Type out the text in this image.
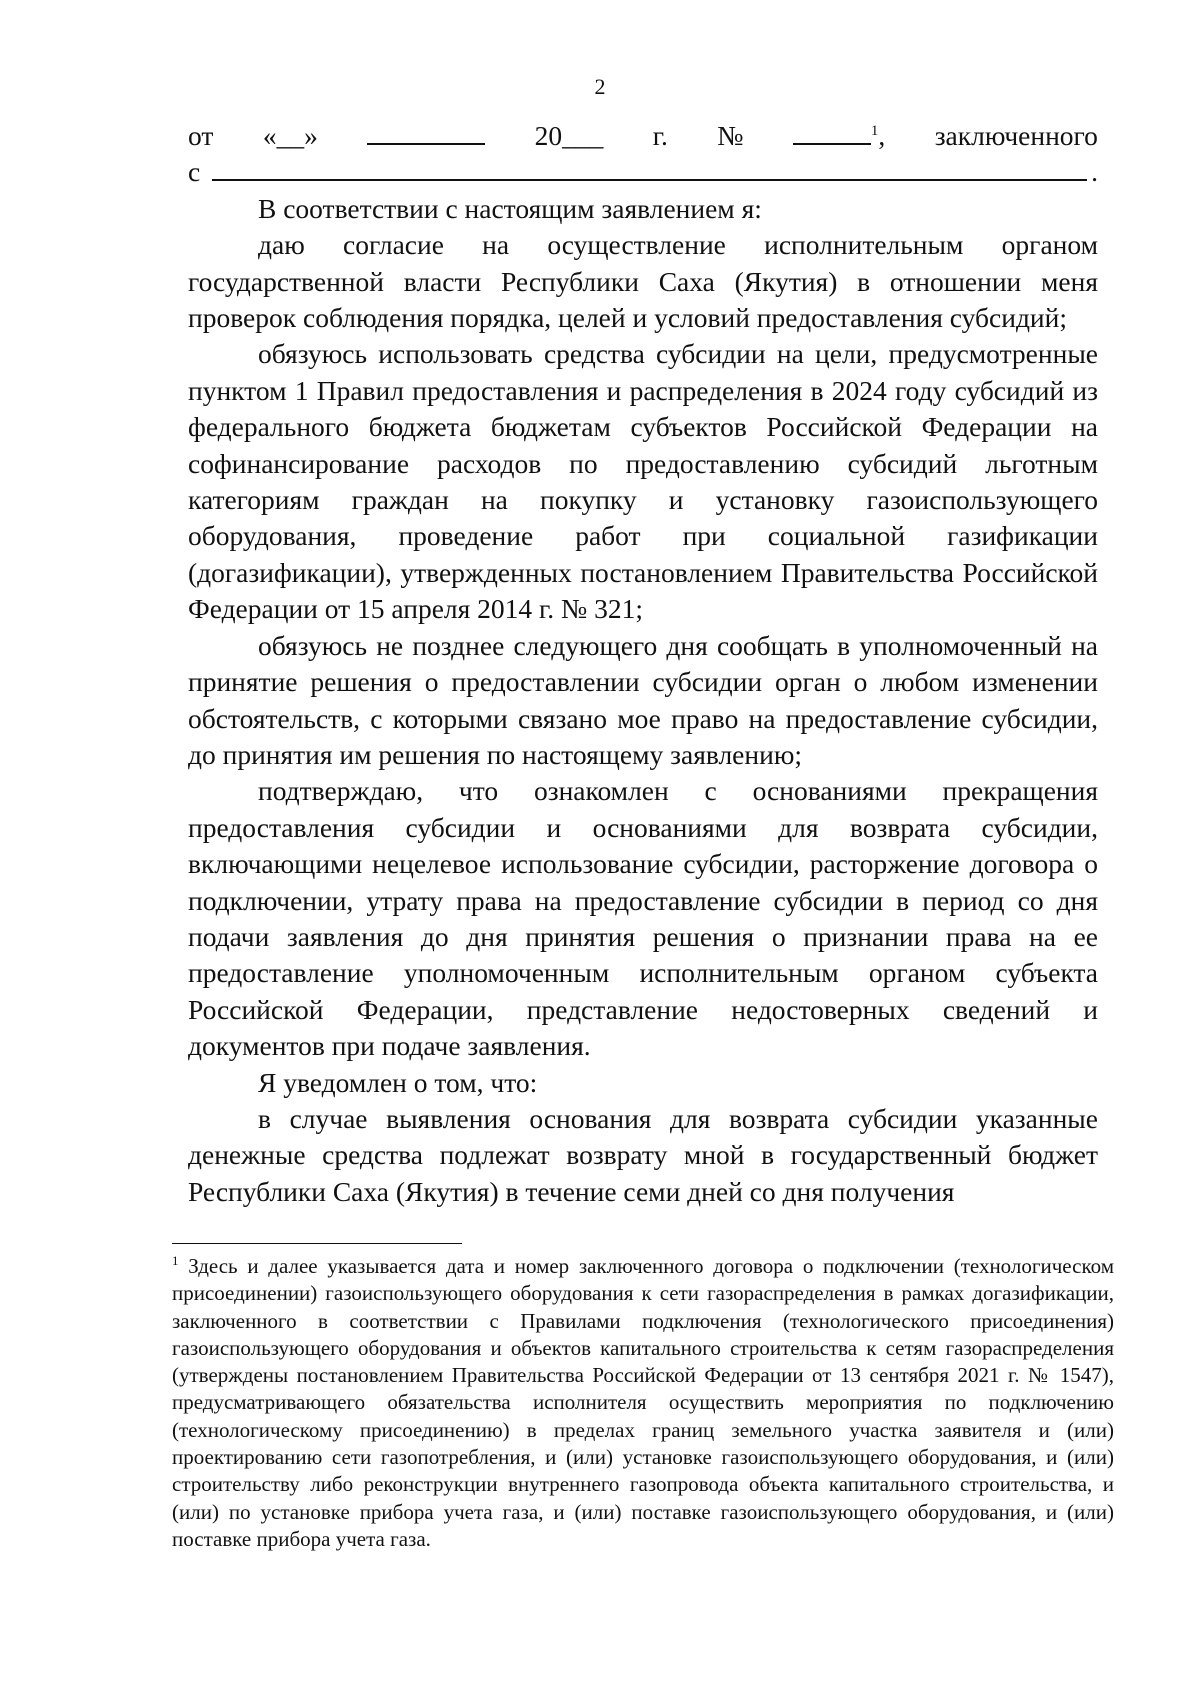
2
от «__»	20___ г. №	$^1$, заключенного
с	.

В соответствии с настоящим заявлением я:

даю согласие на осуществление исполнительным органом государственной власти Республики Саха (Якутия) в отношении меня проверок соблюдения порядка, целей и условий предоставления субсидий;

обязуюсь использовать средства субсидии на цели, предусмотренные пунктом 1 Правил предоставления и распределения в 2024 году субсидий из федерального бюджета бюджетам субъектов Российской Федерации на софинансирование расходов по предоставлению субсидий льготным категориям граждан на покупку и установку газоиспользующего оборудования, проведение работ при социальной газификации (догазификации), утвержденных постановлением Правительства Российской Федерации от 15 апреля 2014 г. № 321;

обязуюсь не позднее следующего дня сообщать в уполномоченный на принятие решения о предоставлении субсидии орган о любом изменении обстоятельств, с которыми связано мое право на предоставление субсидии, до принятия им решения по настоящему заявлению;

подтверждаю, что ознакомлен с основаниями прекращения предоставления субсидии и основаниями для возврата субсидии, включающими нецелевое использование субсидии, расторжение договора о подключении, утрату права на предоставление субсидии в период со дня подачи заявления до дня принятия решения о признании права на ее предоставление уполномоченным исполнительным органом субъекта Российской Федерации, представление недостоверных сведений и документов при подаче заявления.

Я уведомлен о том, что:

в случае выявления основания для возврата субсидии указанные денежные средства подлежат возврату мной в государственный бюджет Республики Саха (Якутия) в течение семи дней со дня получения

$^1$ Здесь и далее указывается дата и номер заключенного договора о подключении (технологическом присоединении) газоиспользующего оборудования к сети газораспределения в рамках догазификации, заключенного в соответствии с Правилами подключения (технологического присоединения) газоиспользующего оборудования и объектов капитального строительства к сетям газораспределения (утверждены постановлением Правительства Российской Федерации от 13 сентября 2021 г. № 1547), предусматривающего обязательства исполнителя осуществить мероприятия по подключению (технологическому присоединению) в пределах границ земельного участка заявителя и (или) проектированию сети газопотребления, и (или) установке газоиспользующего оборудования, и (или) строительству либо реконструкции внутреннего газопровода объекта капитального строительства, и (или) по установке прибора учета газа, и (или) поставке газоиспользующего оборудования, и (или) поставке прибора учета газа.
